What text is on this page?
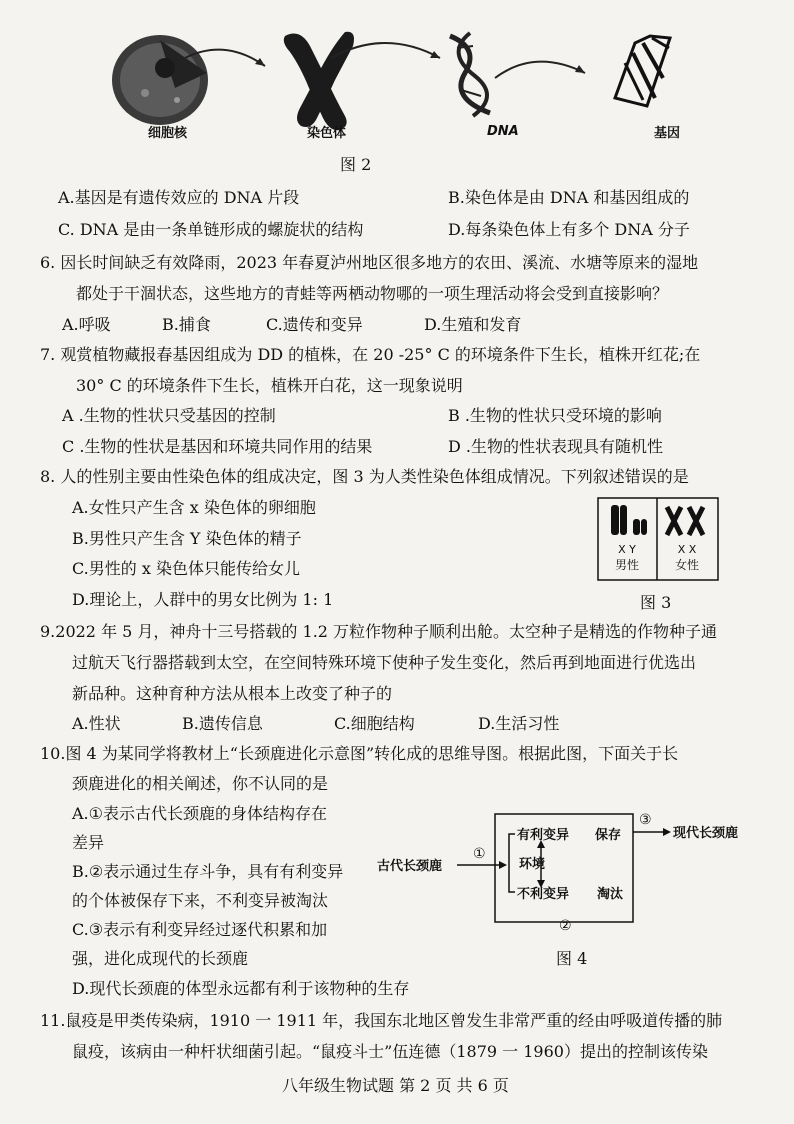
细胞核	染色体	DNA	基因
图 2
A.基因是有遗传效应的 DNA 片段	B.染色体是由 DNA 和基因组成的
C. DNA 是由一条单链形成的螺旋状的结构	D.每条染色体上有多个 DNA 分子
6. 因长时间缺乏有效降雨，2023 年春夏泸州地区很多地方的农田、溪流、水塘等原来的湿地
都处于干涸状态，这些地方的青蛙等两栖动物哪的一项生理活动将会受到直接影响？
A.呼吸	B.捕食	C.遗传和变异	D.生殖和发育
7. 观赏植物藏报春基因组成为 DD 的植株，在 20 -25° C 的环境条件下生长，植株开红花;在
30° C 的环境条件下生长，植株开白花，这一现象说明
A .生物的性状只受基因的控制	B .生物的性状只受环境的影响
C .生物的性状是基因和环境共同作用的结果	D .生物的性状表现具有随机性
8. 人的性别主要由性染色体的组成决定，图 3 为人类性染色体组成情况。下列叙述错误的是
A.女性只产生含 x 染色体的卵细胞
B.男性只产生含 Y 染色体的精子
C.男性的 x 染色体只能传给女儿
D.理论上，人群中的男女比例为 1: 1
X Y
男性
X X
女性
图 3
9.2022 年 5 月，神舟十三号搭载的 1.2 万粒作物种子顺利出舱。太空种子是精选的作物种子通
过航天飞行器搭载到太空，在空间特殊环境下使种子发生变化，然后再到地面进行优选出
新品种。这种育种方法从根本上改变了种子的
A.性状	B.遗传信息	C.细胞结构	D.生活习性
10.图 4 为某同学将教材上“长颈鹿进化示意图”转化成的思维导图。根据此图，下面关于长
颈鹿进化的相关阐述，你不认同的是
A.①表示古代长颈鹿的身体结构存在
差异
B.②表示通过生存斗争，具有有利变异
的个体被保存下来，不利变异被淘汰
C.③表示有利变异经过逐代积累和加
强，进化成现代的长颈鹿
D.现代长颈鹿的体型永远都有利于该物种的生存
古代长颈鹿
①
有利变异 保存
环境
不利变异 淘汰
②
③
现代长颈鹿
图 4
11.鼠疫是甲类传染病，1910 一 1911 年，我国东北地区曾发生非常严重的经由呼吸道传播的肺
鼠疫，该病由一种杆状细菌引起。“鼠疫斗士”伍连德（1879 一 1960）提出的控制该传染
八年级生物试题 第 2 页 共 6 页
